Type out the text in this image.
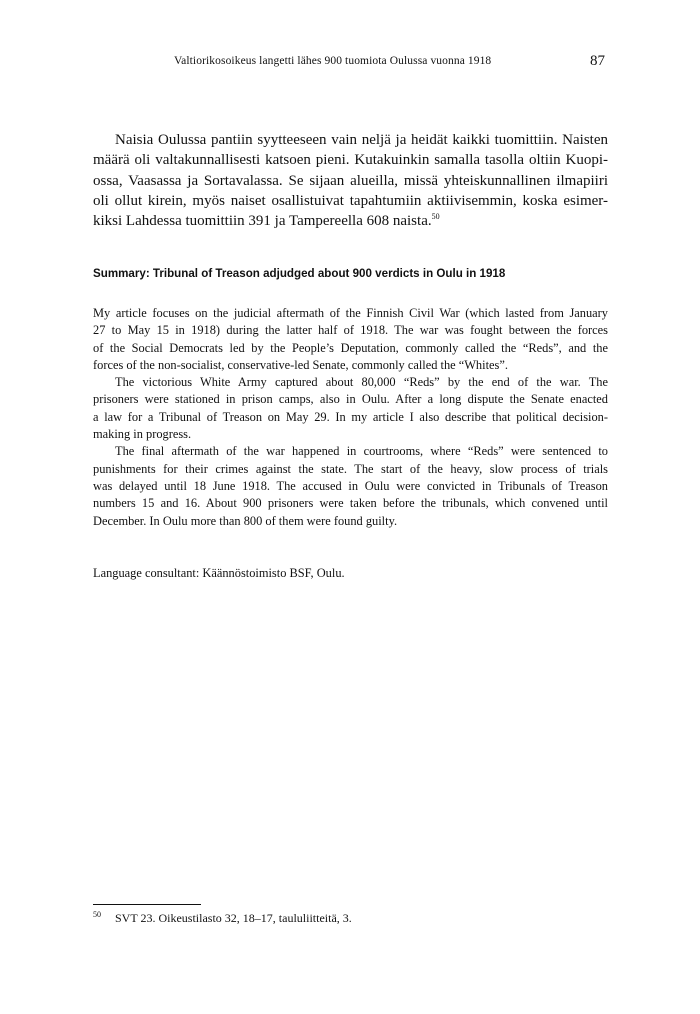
Valtiorikosoikeus langetti lähes 900 tuomiota Oulussa vuonna 1918	87
Naisia Oulussa pantiin syytteeseen vain neljä ja heidät kaikki tuomittiin. Naisten
määrä oli valtakunnallisesti katsoen pieni. Kutakuinkin samalla tasolla oltiin Kuopi-
ossa, Vaasassa ja Sortavalassa. Se sijaan alueilla, missä yhteiskunnallinen ilmapiiri
oli ollut kirein, myös naiset osallistuivat tapahtumiin aktiivisemmin, koska esimer-
kiksi Lahdessa tuomittiin 391 ja Tampereella 608 naista.$^{50}$
Summary: Tribunal of Treason adjudged about 900 verdicts in Oulu in 1918
My article focuses on the judicial aftermath of the Finnish Civil War (which lasted from January
27 to May 15 in 1918) during the latter half of 1918. The war was fought between the forces
of the Social Democrats led by the People’s Deputation, commonly called the “Reds”, and the
forces of the non-socialist, conservative-led Senate, commonly called the “Whites”.
The victorious White Army captured about 80,000 “Reds” by the end of the war. The
prisoners were stationed in prison camps, also in Oulu. After a long dispute the Senate enacted
a law for a Tribunal of Treason on May 29. In my article I also describe that political decision-
making in progress.
The final aftermath of the war happened in courtrooms, where “Reds” were sentenced to
punishments for their crimes against the state. The start of the heavy, slow process of trials
was delayed until 18 June 1918. The accused in Oulu were convicted in Tribunals of Treason
numbers 15 and 16. About 900 prisoners were taken before the tribunals, which convened until
December. In Oulu more than 800 of them were found guilty.
Language consultant: Käännöstoimisto BSF, Oulu.
$^{50}$ SVT 23. Oikeustilasto 32, 18–17, taululiitteitä, 3.
